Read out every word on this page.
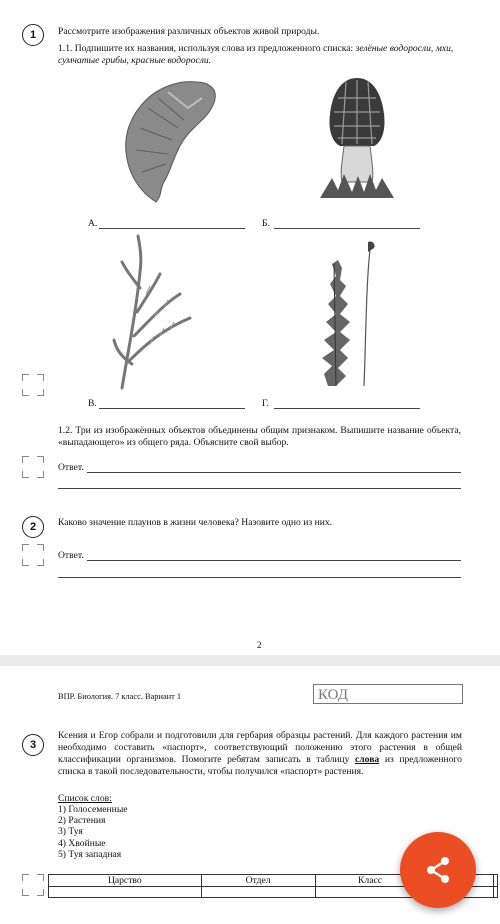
1	Рассмотрите изображения различных объектов живой природы.
1.1. Подпишите их названия, используя слова из предложенного списка: зелёные водоросли, мхи, сумчатые грибы, красные водоросли.
А.	Б.
В.	Г.
1.2. Три из изображённых объектов объединены общим признаком. Выпишите название объекта, «выпадающего» из общего ряда. Объясните свой выбор.
Ответ.
2	Каково значение плаунов в жизни человека? Назовите одно из них.
Ответ.
2
ВПР. Биология. 7 класс. Вариант 1	КОД
3
Ксения и Егор собрали и подготовили для гербария образцы растений. Для каждого растения им необходимо составить «паспорт», соответствующий положению этого растения в общей классификации организмов. Помогите ребятам записать в таблицу слова из предложенного списка в такой последовательности, чтобы получился «паспорт» растения.
Список слов:
1) Голосеменные
2) Растения
3) Туя
4) Хвойные
5) Туя западная
Царство	Отдел	Класс		
